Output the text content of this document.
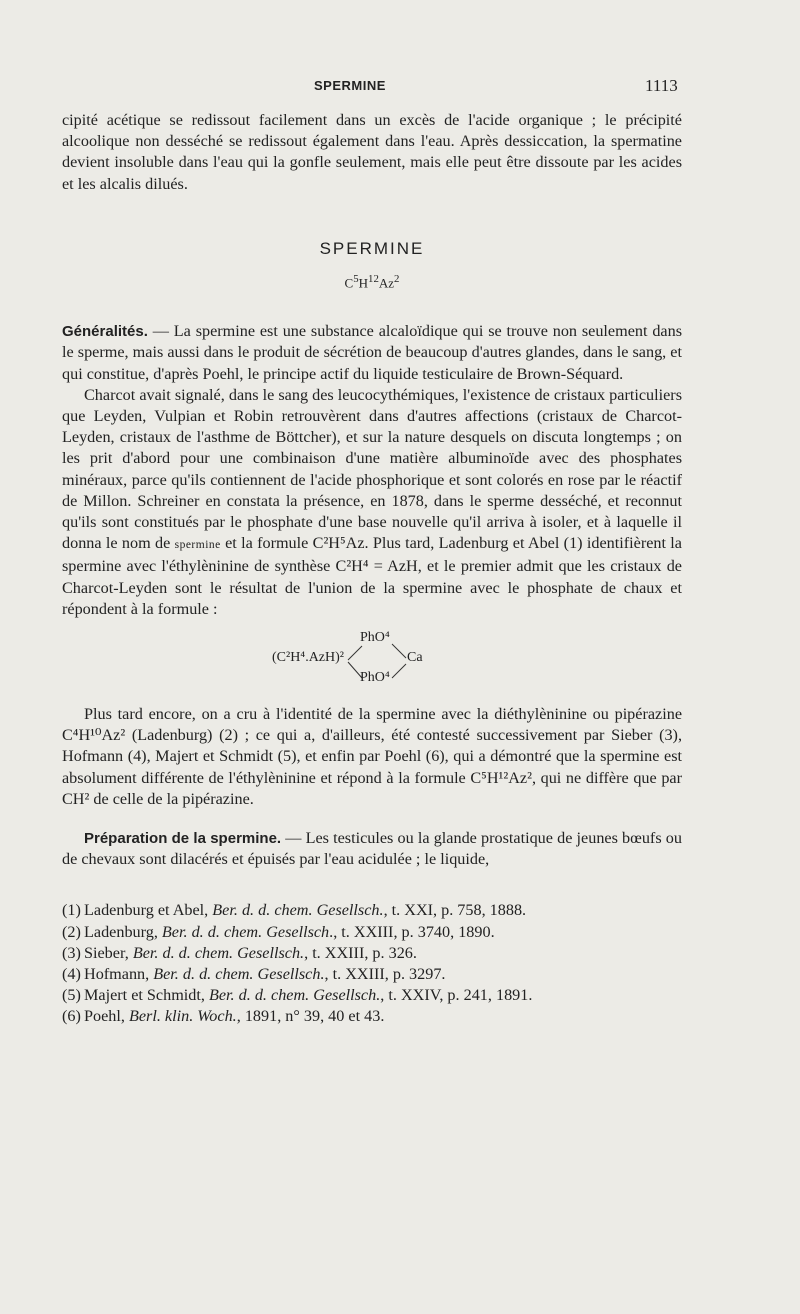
SPERMINE	1113

cipité acétique se redissout facilement dans un excès de l'acide organique ; le précipité alcoolique non desséché se redissout également dans l'eau. Après dessiccation, la spermatine devient insoluble dans l'eau qui la gonfle seulement, mais elle peut être dissoute par les acides et les alcalis dilués.

SPERMINE
$C^5H^{12}Az^2$

Généralités. — La spermine est une substance alcaloïdique qui se trouve non seulement dans le sperme, mais aussi dans le produit de sécrétion de beaucoup d'autres glandes, dans le sang, et qui constitue, d'après Poehl, le principe actif du liquide testiculaire de Brown-Séquard.

Charcot avait signalé, dans le sang des leucocythémiques, l'existence de cristaux particuliers que Leyden, Vulpian et Robin retrouvèrent dans d'autres affections (cristaux de Charcot-Leyden, cristaux de l'asthme de Böttcher), et sur la nature desquels on discuta longtemps ; on les prit d'abord pour une combinaison d'une matière albuminoïde avec des phosphates minéraux, parce qu'ils contiennent de l'acide phosphorique et sont colorés en rose par le réactif de Millon. Schreiner en constata la présence, en 1878, dans le sperme desséché, et reconnut qu'ils sont constitués par le phosphate d'une base nouvelle qu'il arriva à isoler, et à laquelle il donna le nom de spermine et la formule C²H⁵Az. Plus tard, Ladenburg et Abel (1) identifièrent la spermine avec l'éthylèninine de synthèse C²H⁴ = AzH, et le premier admit que les cristaux de Charcot-Leyden sont le résultat de l'union de la spermine avec le phosphate de chaux et répondent à la formule :

(C²H⁴.AzH)²
PhO⁴
PhO⁴
Ca

Plus tard encore, on a cru à l'identité de la spermine avec la diéthylèninine ou pipérazine C⁴H¹⁰Az² (Ladenburg) (2) ; ce qui a, d'ailleurs, été contesté successivement par Sieber (3), Hofmann (4), Majert et Schmidt (5), et enfin par Poehl (6), qui a démontré que la spermine est absolument différente de l'éthylèninine et répond à la formule C⁵H¹²Az², qui ne diffère que par CH² de celle de la pipérazine.

Préparation de la spermine. — Les testicules ou la glande prostatique de jeunes bœufs ou de chevaux sont dilacérés et épuisés par l'eau acidulée ; le liquide,

(1) Ladenburg et Abel, Ber. d. d. chem. Gesellsch., t. XXI, p. 758, 1888.

(2) Ladenburg, Ber. d. d. chem. Gesellsch., t. XXIII, p. 3740, 1890.

(3) Sieber, Ber. d. d. chem. Gesellsch., t. XXIII, p. 326.

(4) Hofmann, Ber. d. d. chem. Gesellsch., t. XXIII, p. 3297.

(5) Majert et Schmidt, Ber. d. d. chem. Gesellsch., t. XXIV, p. 241, 1891.

(6) Poehl, Berl. klin. Woch., 1891, n° 39, 40 et 43.
